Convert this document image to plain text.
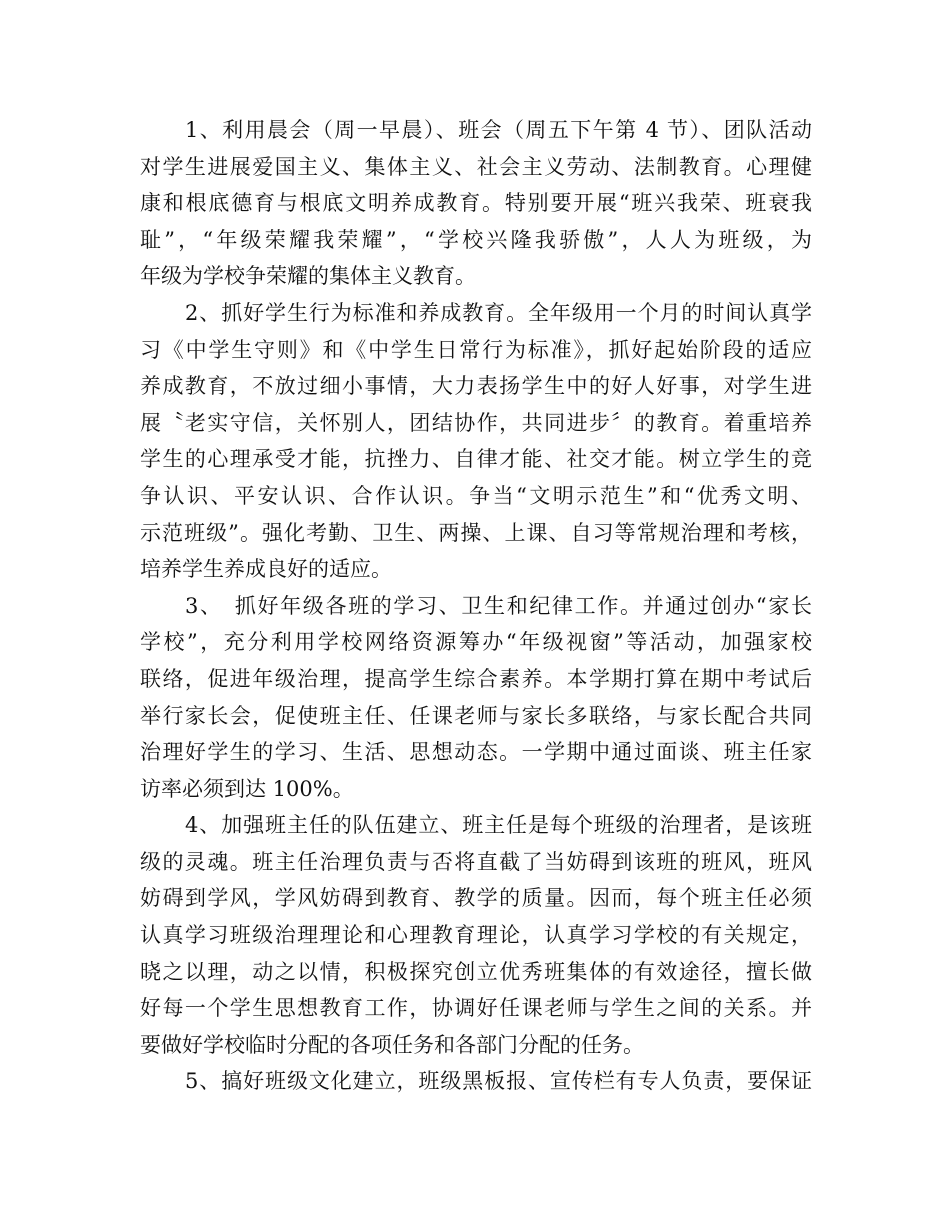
1、利用晨会（周一早晨）、班会（周五下午第 4 节）、团队活动
对学生进展爱国主义、集体主义、社会主义劳动、法制教育。心理健
康和根底德育与根底文明养成教育。特别要开展“班兴我荣、班衰我
耻”，“年级荣耀我荣耀”，“学校兴隆我骄傲”，人人为班级，为
年级为学校争荣耀的集体主义教育。
2、抓好学生行为标准和养成教育。全年级用一个月的时间认真学
习《中学生守则》和《中学生日常行为标准》，抓好起始阶段的适应
养成教育，不放过细小事情，大力表扬学生中的好人好事，对学生进
展〝老实守信，关怀别人，团结协作，共同进步〞的教育。着重培养
学生的心理承受才能，抗挫力、自律才能、社交才能。树立学生的竞
争认识、平安认识、合作认识。争当“文明示范生”和“优秀文明、
示范班级”。强化考勤、卫生、两操、上课、自习等常规治理和考核，
培养学生养成良好的适应。
3、　抓好年级各班的学习、卫生和纪律工作。并通过创办“家长
学校”，充分利用学校网络资源筹办“年级视窗”等活动，加强家校
联络，促进年级治理，提高学生综合素养。本学期打算在期中考试后
举行家长会，促使班主任、任课老师与家长多联络，与家长配合共同
治理好学生的学习、生活、思想动态。一学期中通过面谈、班主任家
访率必须到达 100%。
4、加强班主任的队伍建立、班主任是每个班级的治理者，是该班
级的灵魂。班主任治理负责与否将直截了当妨碍到该班的班风，班风
妨碍到学风，学风妨碍到教育、教学的质量。因而，每个班主任必须
认真学习班级治理理论和心理教育理论，认真学习学校的有关规定，
晓之以理，动之以情，积极探究创立优秀班集体的有效途径，擅长做
好每一个学生思想教育工作，协调好任课老师与学生之间的关系。并
要做好学校临时分配的各项任务和各部门分配的任务。
5、搞好班级文化建立，班级黑板报、宣传栏有专人负责，要保证
